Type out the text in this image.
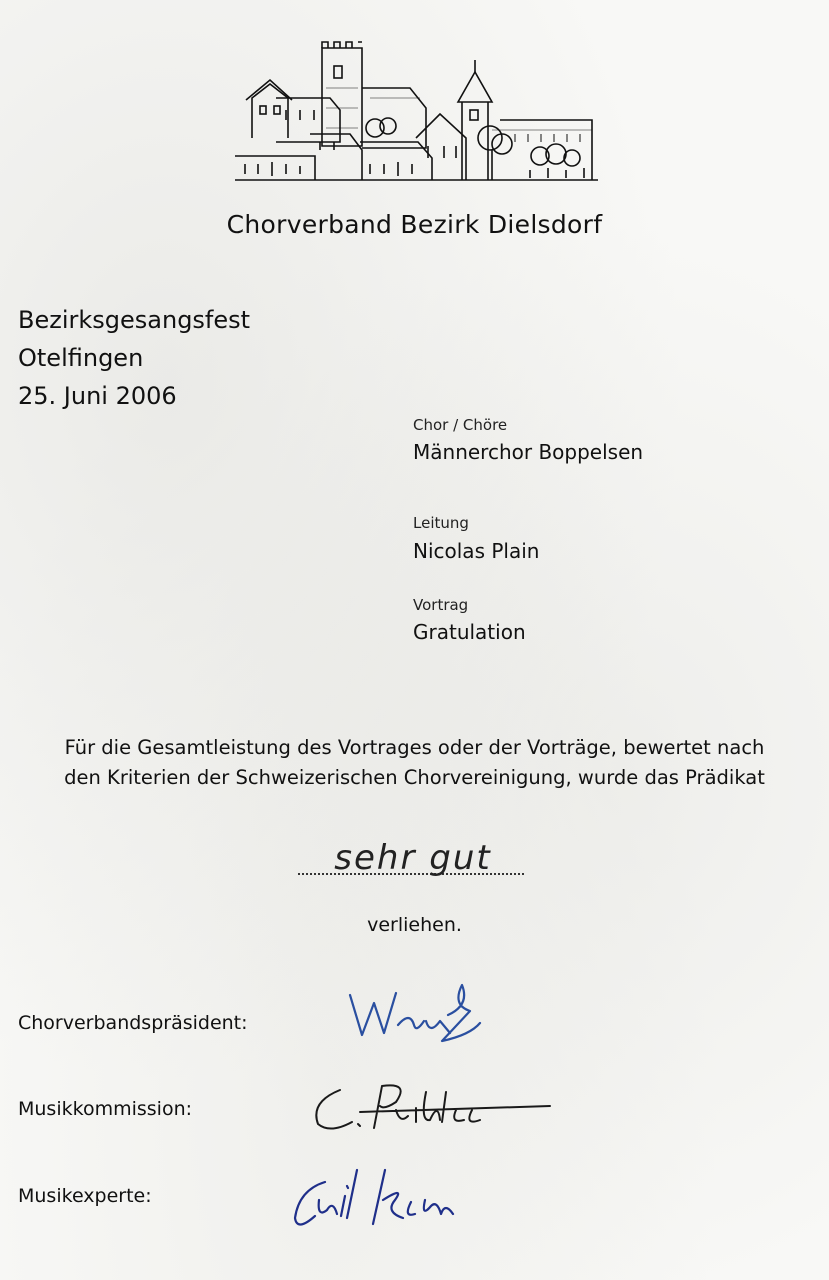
Chorverband Bezirk Dielsdorf
Bezirksgesangsfest
Otelfingen
25. Juni 2006
Chor / Chöre
Männerchor Boppelsen
Leitung
Nicolas Plain
Vortrag
Gratulation
Für die Gesamtleistung des Vortrages oder der Vorträge, bewertet nach
den Kriterien der Schweizerischen Chorvereinigung, wurde das Prädikat
sehr gut
verliehen.
Chorverbandspräsident:
Musikkommission:
Musikexperte:
